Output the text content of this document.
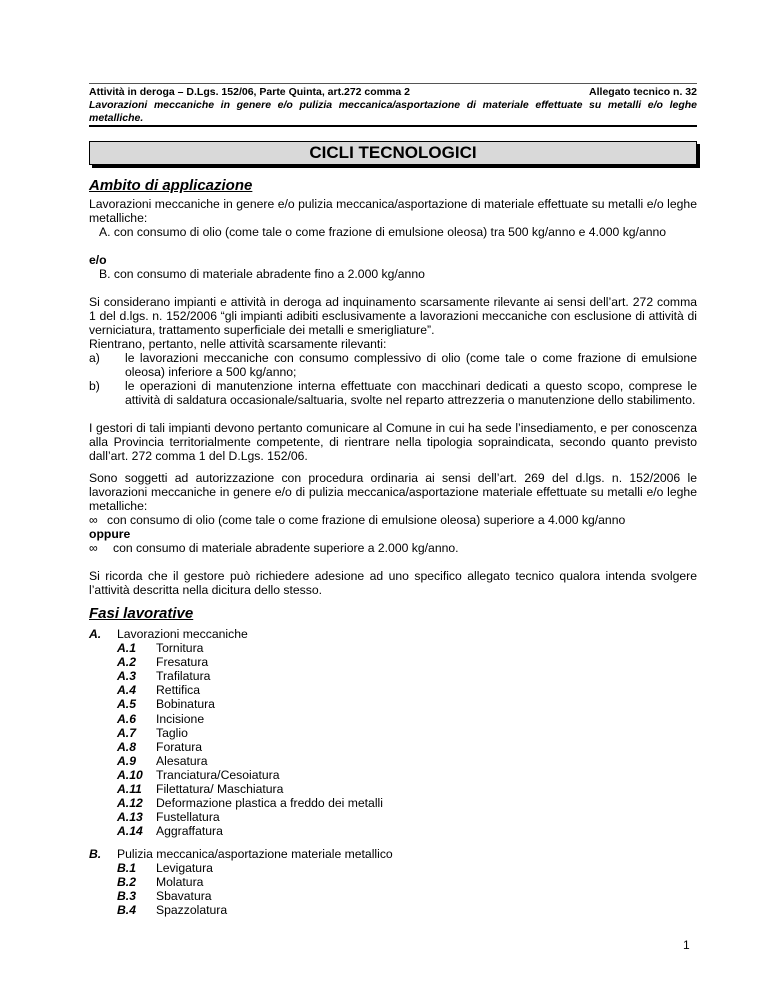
Attività in deroga – D.Lgs. 152/06, Parte Quinta, art.272 comma 2	Allegato tecnico n. 32
Lavorazioni meccaniche in genere e/o pulizia meccanica/asportazione di materiale effettuate su metalli e/o leghe metalliche.
CICLI TECNOLOGICI
Ambito di applicazione
Lavorazioni meccaniche in genere e/o pulizia meccanica/asportazione di materiale effettuate su metalli e/o leghe metalliche:
A. con consumo di olio (come tale o come frazione di emulsione oleosa) tra 500 kg/anno e 4.000 kg/anno
e/o
B. con consumo di materiale abradente fino a 2.000 kg/anno
Si considerano impianti e attività in deroga ad inquinamento scarsamente rilevante ai sensi dell’art. 272 comma 1 del d.lgs. n. 152/2006 “gli impianti adibiti esclusivamente a lavorazioni meccaniche con esclusione di attività di verniciatura, trattamento superficiale dei metalli e smerigliature”.
Rientrano, pertanto, nelle attività scarsamente rilevanti:
a) le lavorazioni meccaniche con consumo complessivo di olio (come tale o come frazione di emulsione oleosa) inferiore a 500 kg/anno;
b) le operazioni di manutenzione interna effettuate con macchinari dedicati a questo scopo, comprese le attività di saldatura occasionale/saltuaria, svolte nel reparto attrezzeria o manutenzione dello stabilimento.
I gestori di tali impianti devono pertanto comunicare al Comune in cui ha sede l’insediamento, e per conoscenza alla Provincia territorialmente competente, di rientrare nella tipologia sopraindicata, secondo quanto previsto dall’art. 272 comma 1 del D.Lgs. 152/06.
Sono soggetti ad autorizzazione con procedura ordinaria ai sensi dell’art. 269 del d.lgs. n. 152/2006 le lavorazioni meccaniche in genere e/o di pulizia meccanica/asportazione materiale effettuate su metalli e/o leghe metalliche:
∞ con consumo di olio (come tale o come frazione di emulsione oleosa) superiore a 4.000 kg/anno
oppure
∞ con consumo di materiale abradente superiore a 2.000 kg/anno.
Si ricorda che il gestore può richiedere adesione ad uno specifico allegato tecnico qualora intenda svolgere l’attività descritta nella dicitura dello stesso.
Fasi lavorative
A. Lavorazioni meccaniche
A.1 Tornitura
A.2 Fresatura
A.3 Trafilatura
A.4 Rettifica
A.5 Bobinatura
A.6 Incisione
A.7 Taglio
A.8 Foratura
A.9 Alesatura
A.10 Tranciatura/Cesoiatura
A.11 Filettatura/ Maschiatura
A.12 Deformazione plastica a freddo dei metalli
A.13 Fustellatura
A.14 Aggraffatura
B. Pulizia meccanica/asportazione materiale metallico
B.1 Levigatura
B.2 Molatura
B.3 Sbavatura
B.4 Spazzolatura
1
